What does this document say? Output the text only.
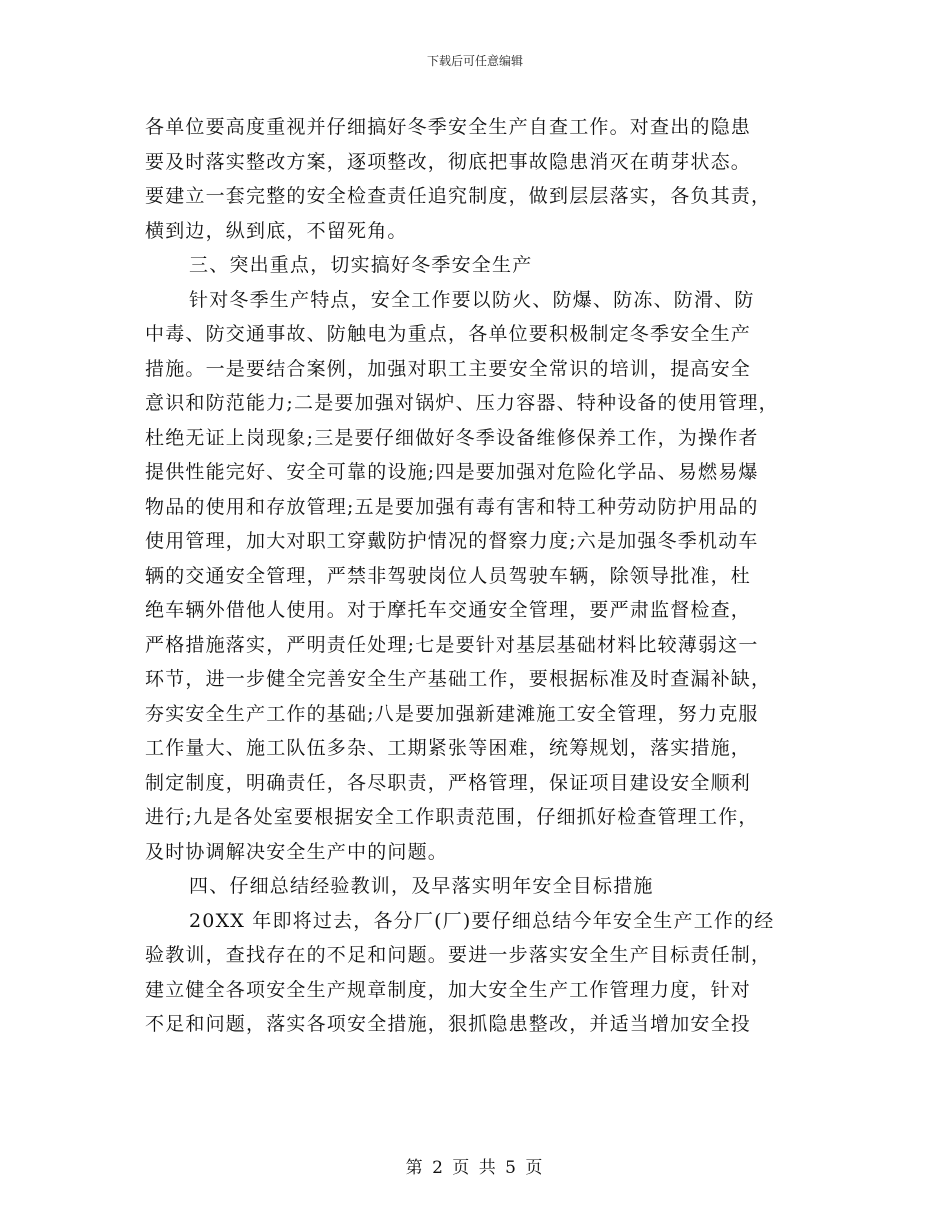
下载后可任意编辑
各单位要高度重视并仔细搞好冬季安全生产自查工作。对查出的隐患
要及时落实整改方案，逐项整改，彻底把事故隐患消灭在萌芽状态。
要建立一套完整的安全检查责任追究制度，做到层层落实，各负其责，
横到边，纵到底，不留死角。
三、突出重点，切实搞好冬季安全生产
针对冬季生产特点，安全工作要以防火、防爆、防冻、防滑、防
中毒、防交通事故、防触电为重点，各单位要积极制定冬季安全生产
措施。一是要结合案例，加强对职工主要安全常识的培训，提高安全
意识和防范能力;二是要加强对锅炉、压力容器、特种设备的使用管理，
杜绝无证上岗现象;三是要仔细做好冬季设备维修保养工作，为操作者
提供性能完好、安全可靠的设施;四是要加强对危险化学品、易燃易爆
物品的使用和存放管理;五是要加强有毒有害和特工种劳动防护用品的
使用管理，加大对职工穿戴防护情况的督察力度;六是加强冬季机动车
辆的交通安全管理，严禁非驾驶岗位人员驾驶车辆，除领导批准，杜
绝车辆外借他人使用。对于摩托车交通安全管理，要严肃监督检查，
严格措施落实，严明责任处理;七是要针对基层基础材料比较薄弱这一
环节，进一步健全完善安全生产基础工作，要根据标准及时查漏补缺，
夯实安全生产工作的基础;八是要加强新建滩施工安全管理，努力克服
工作量大、施工队伍多杂、工期紧张等困难，统筹规划，落实措施，
制定制度，明确责任，各尽职责，严格管理，保证项目建设安全顺利
进行;九是各处室要根据安全工作职责范围，仔细抓好检查管理工作，
及时协调解决安全生产中的问题。
四、仔细总结经验教训，及早落实明年安全目标措施
20XX 年即将过去，各分厂(厂)要仔细总结今年安全生产工作的经
验教训，查找存在的不足和问题。要进一步落实安全生产目标责任制，
建立健全各项安全生产规章制度，加大安全生产工作管理力度，针对
不足和问题，落实各项安全措施，狠抓隐患整改，并适当增加安全投
第 2 页 共 5 页
